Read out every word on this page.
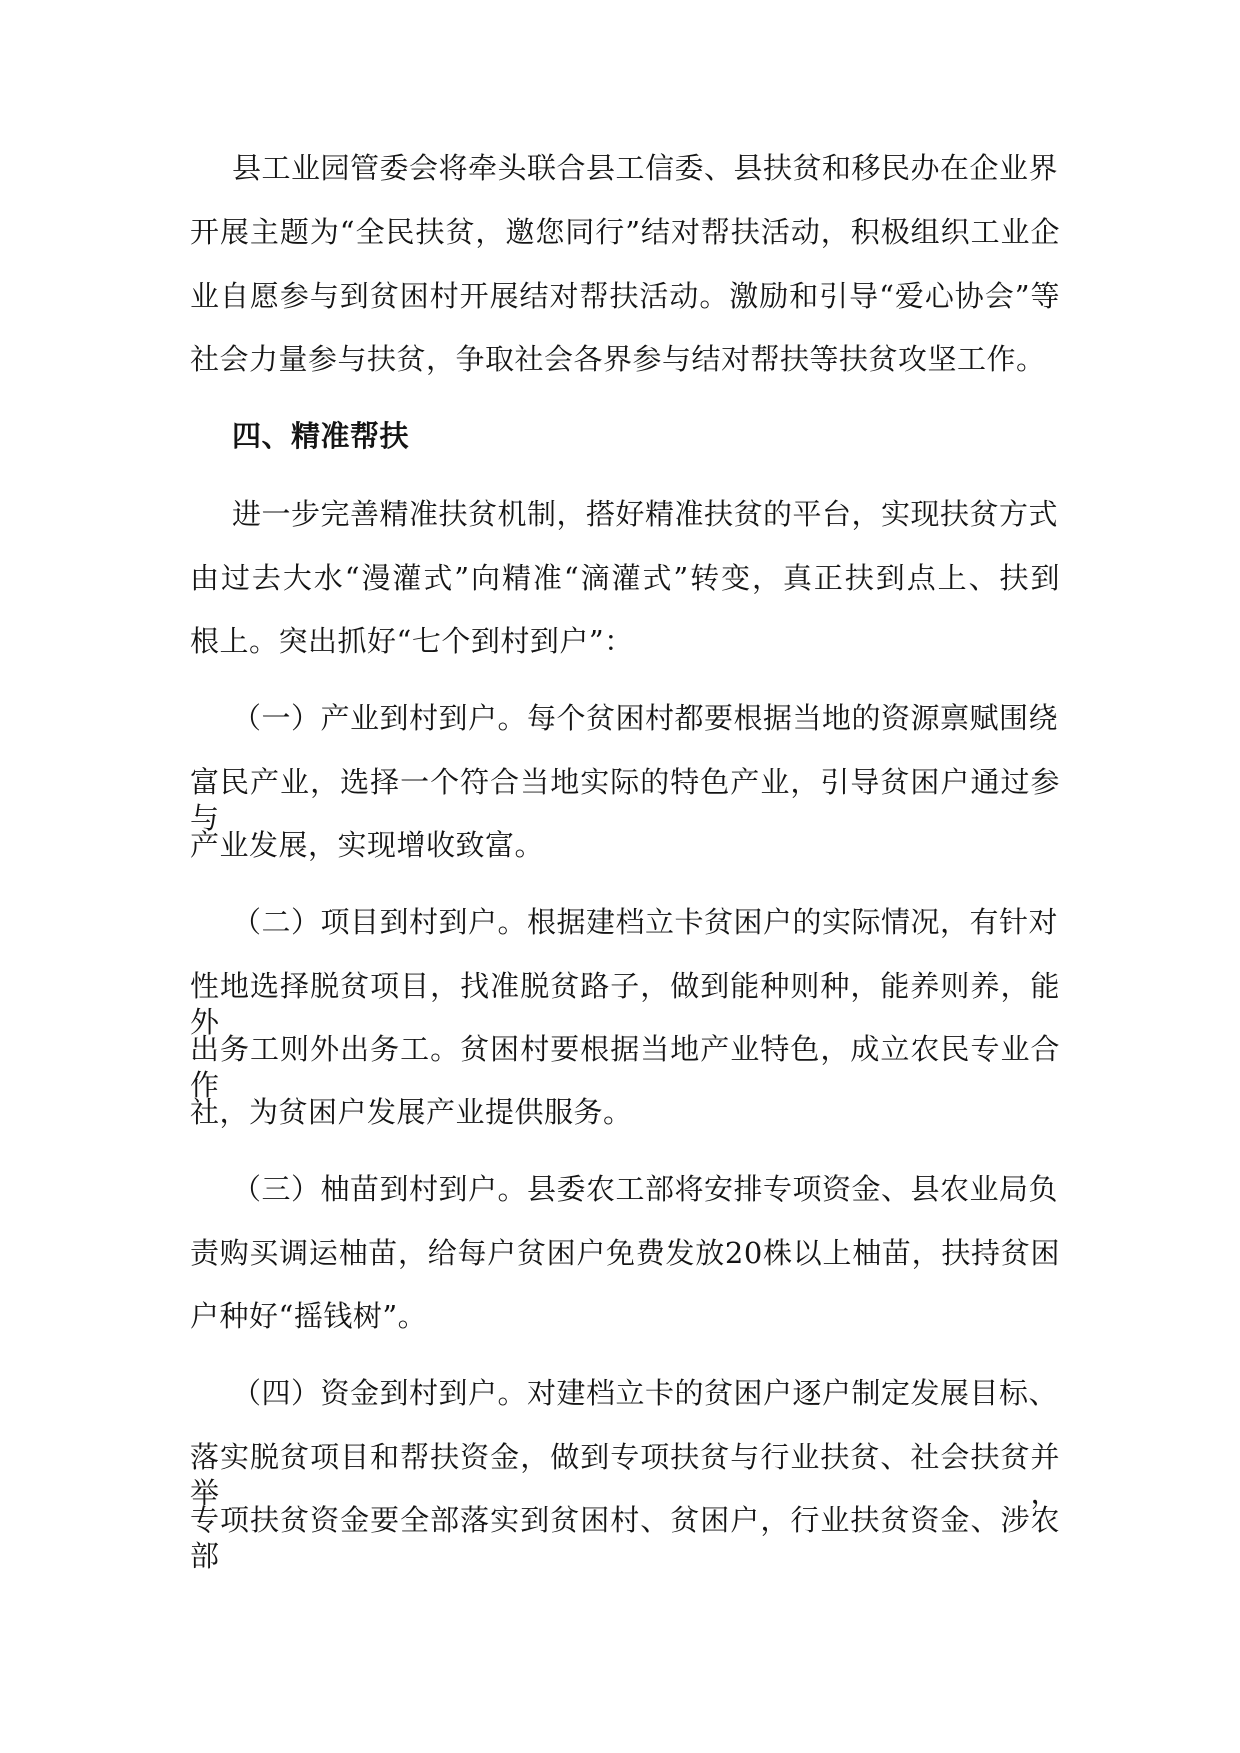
县工业园管委会将牵头联合县工信委、县扶贫和移民办在企业界
开展主题为“全民扶贫，邀您同行”结对帮扶活动，积极组织工业企
业自愿参与到贫困村开展结对帮扶活动。激励和引导“爱心协会”等
社会力量参与扶贫，争取社会各界参与结对帮扶等扶贫攻坚工作。
四、精准帮扶
进一步完善精准扶贫机制，搭好精准扶贫的平台，实现扶贫方式
由过去大水“漫灌式”向精准“滴灌式”转变，真正扶到点上、扶到
根上。突出抓好“七个到村到户”：
（一）产业到村到户。每个贫困村都要根据当地的资源禀赋围绕
富民产业，选择一个符合当地实际的特色产业，引导贫困户通过参与
产业发展，实现增收致富。
（二）项目到村到户。根据建档立卡贫困户的实际情况，有针对
性地选择脱贫项目，找准脱贫路子，做到能种则种，能养则养，能外
出务工则外出务工。贫困村要根据当地产业特色，成立农民专业合作
社，为贫困户发展产业提供服务。
（三）柚苗到村到户。县委农工部将安排专项资金、县农业局负
责购买调运柚苗，给每户贫困户免费发放20株以上柚苗，扶持贫困
户种好“摇钱树”。
（四）资金到村到户。对建档立卡的贫困户逐户制定发展目标、
落实脱贫项目和帮扶资金，做到专项扶贫与行业扶贫、社会扶贫并举，
专项扶贫资金要全部落实到贫困村、贫困户，行业扶贫资金、涉农部
